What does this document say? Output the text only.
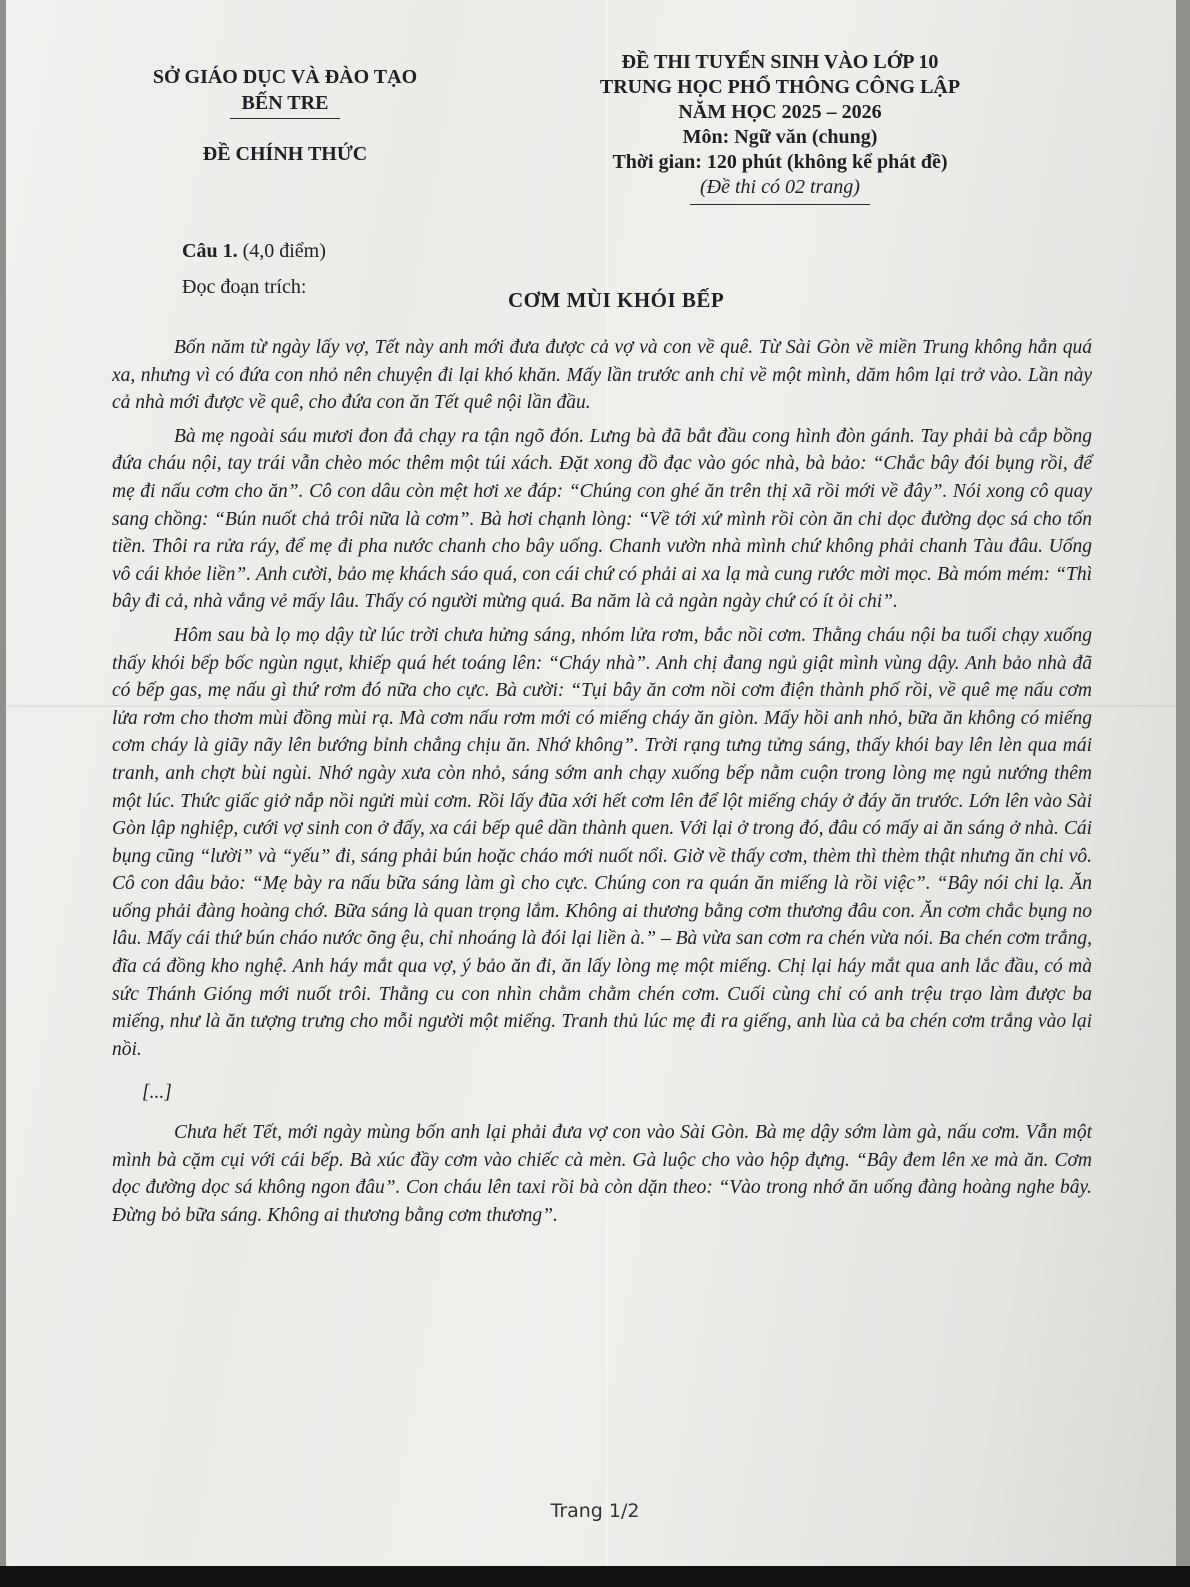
SỞ GIÁO DỤC VÀ ĐÀO TẠO
BẾN TRE
ĐỀ CHÍNH THỨC
ĐỀ THI TUYỂN SINH VÀO LỚP 10
TRUNG HỌC PHỔ THÔNG CÔNG LẬP
NĂM HỌC 2025 – 2026
Môn: Ngữ văn (chung)
Thời gian: 120 phút (không kể phát đề)
(Đề thi có 02 trang)
Câu 1. (4,0 điểm)
Đọc đoạn trích:
CƠM MÙI KHÓI BẾP

Bốn năm từ ngày lấy vợ, Tết này anh mới đưa được cả vợ và con về quê. Từ Sài Gòn về miền Trung không hẳn quá xa, nhưng vì có đứa con nhỏ nên chuyện đi lại khó khăn. Mấy lần trước anh chỉ về một mình, dăm hôm lại trở vào. Lần này cả nhà mới được về quê, cho đứa con ăn Tết quê nội lần đầu.

Bà mẹ ngoài sáu mươi đon đả chạy ra tận ngõ đón. Lưng bà đã bắt đầu cong hình đòn gánh. Tay phải bà cắp bồng đứa cháu nội, tay trái vẫn chèo móc thêm một túi xách. Đặt xong đồ đạc vào góc nhà, bà bảo: “Chắc bây đói bụng rồi, để mẹ đi nấu cơm cho ăn”. Cô con dâu còn mệt hơi xe đáp: “Chúng con ghé ăn trên thị xã rồi mới về đây”. Nói xong cô quay sang chồng: “Bún nuốt chả trôi nữa là cơm”. Bà hơi chạnh lòng: “Về tới xứ mình rồi còn ăn chi dọc đường dọc sá cho tốn tiền. Thôi ra rửa ráy, để mẹ đi pha nước chanh cho bây uống. Chanh vườn nhà mình chứ không phải chanh Tàu đâu. Uống vô cái khỏe liền”. Anh cười, bảo mẹ khách sáo quá, con cái chứ có phải ai xa lạ mà cung rước mời mọc. Bà móm mém: “Thì bây đi cả, nhà vắng vẻ mấy lâu. Thấy có người mừng quá. Ba năm là cả ngàn ngày chứ có ít ỏi chi”.

Hôm sau bà lọ mọ dậy từ lúc trời chưa hửng sáng, nhóm lửa rơm, bắc nồi cơm. Thằng cháu nội ba tuổi chạy xuống thấy khói bếp bốc ngùn ngụt, khiếp quá hét toáng lên: “Cháy nhà”. Anh chị đang ngủ giật mình vùng dậy. Anh bảo nhà đã có bếp gas, mẹ nấu gì thứ rơm đó nữa cho cực. Bà cười: “Tụi bây ăn cơm nồi cơm điện thành phố rồi, về quê mẹ nấu cơm lửa rơm cho thơm mùi đồng mùi rạ. Mà cơm nấu rơm mới có miếng cháy ăn giòn. Mấy hồi anh nhỏ, bữa ăn không có miếng cơm cháy là giãy nãy lên bướng bỉnh chẳng chịu ăn. Nhớ không”. Trời rạng tưng tửng sáng, thấy khói bay lên lèn qua mái tranh, anh chợt bùi ngùi. Nhớ ngày xưa còn nhỏ, sáng sớm anh chạy xuống bếp nằm cuộn trong lòng mẹ ngủ nướng thêm một lúc. Thức giấc giở nắp nồi ngửi mùi cơm. Rồi lấy đũa xới hết cơm lên để lột miếng cháy ở đáy ăn trước. Lớn lên vào Sài Gòn lập nghiệp, cưới vợ sinh con ở đấy, xa cái bếp quê dần thành quen. Với lại ở trong đó, đâu có mấy ai ăn sáng ở nhà. Cái bụng cũng “lười” và “yếu” đi, sáng phải bún hoặc cháo mới nuốt nổi. Giờ về thấy cơm, thèm thì thèm thật nhưng ăn chi vô. Cô con dâu bảo: “Mẹ bày ra nấu bữa sáng làm gì cho cực. Chúng con ra quán ăn miếng là rồi việc”. “Bây nói chi lạ. Ăn uống phải đàng hoàng chớ. Bữa sáng là quan trọng lắm. Không ai thương bằng cơm thương đâu con. Ăn cơm chắc bụng no lâu. Mấy cái thứ bún cháo nước õng ệu, chỉ nhoáng là đói lại liền à.” – Bà vừa san cơm ra chén vừa nói. Ba chén cơm trắng, đĩa cá đồng kho nghệ. Anh háy mắt qua vợ, ý bảo ăn đi, ăn lấy lòng mẹ một miếng. Chị lại háy mắt qua anh lắc đầu, có mà sức Thánh Gióng mới nuốt trôi. Thằng cu con nhìn chằm chằm chén cơm. Cuối cùng chỉ có anh trệu trạo làm được ba miếng, như là ăn tượng trưng cho mỗi người một miếng. Tranh thủ lúc mẹ đi ra giếng, anh lùa cả ba chén cơm trắng vào lại nồi.

[...]

Chưa hết Tết, mới ngày mùng bốn anh lại phải đưa vợ con vào Sài Gòn. Bà mẹ dậy sớm làm gà, nấu cơm. Vẫn một mình bà cặm cụi với cái bếp. Bà xúc đầy cơm vào chiếc cà mèn. Gà luộc cho vào hộp đựng. “Bây đem lên xe mà ăn. Cơm dọc đường dọc sá không ngon đâu”. Con cháu lên taxi rồi bà còn dặn theo: “Vào trong nhớ ăn uống đàng hoàng nghe bây. Đừng bỏ bữa sáng. Không ai thương bằng cơm thương”.

Trang 1/2
